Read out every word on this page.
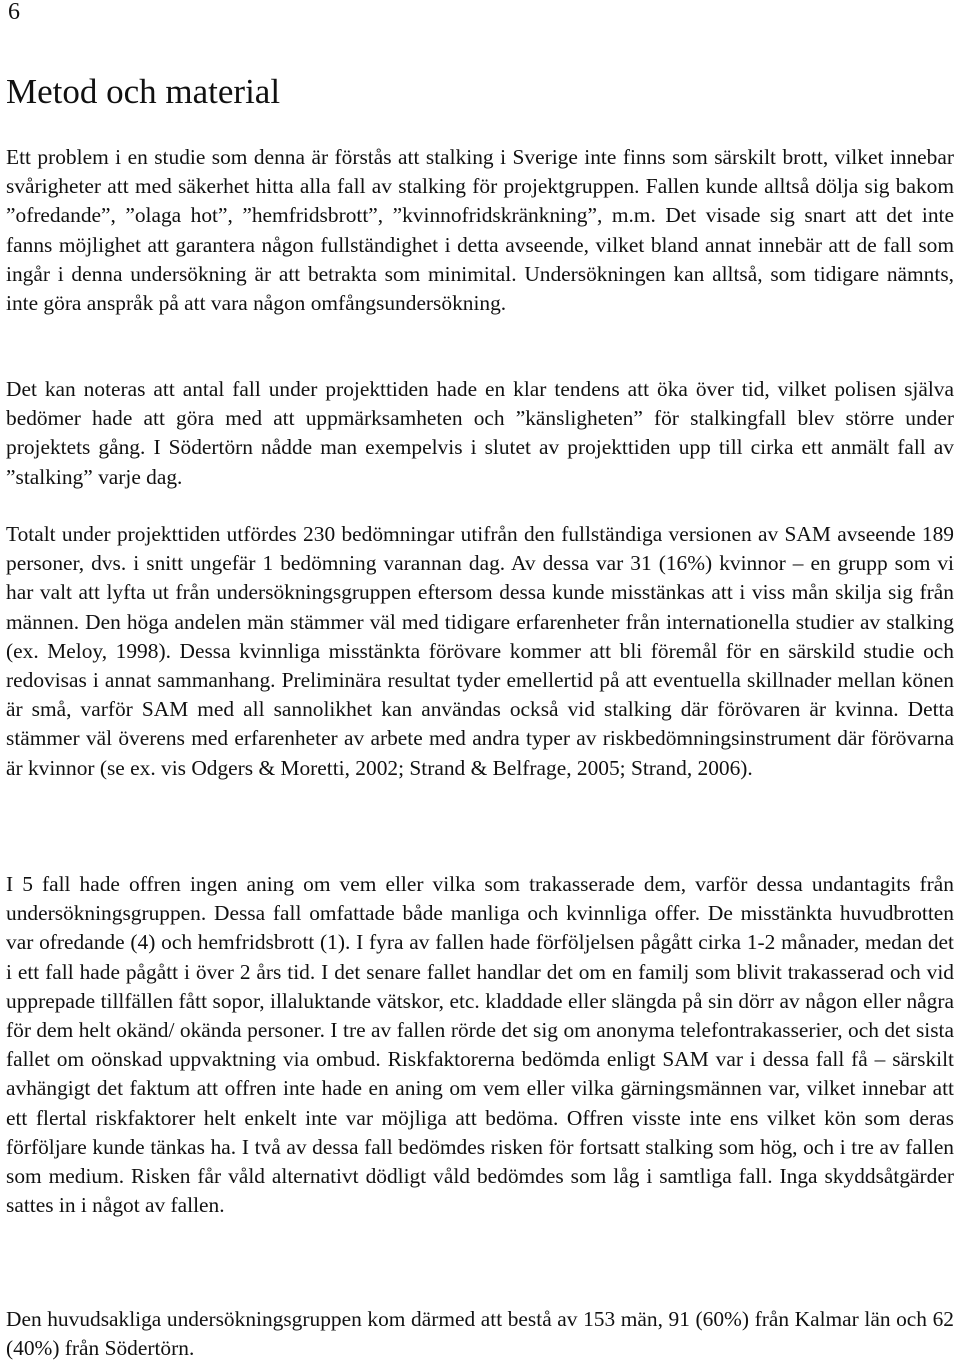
6

Metod och material

Ett problem i en studie som denna är förstås att stalking i Sverige inte finns som särskilt brott, vilket innebar svårigheter att med säkerhet hitta alla fall av stalking för projektgruppen. Fallen kunde alltså dölja sig bakom ”ofredande”, ”olaga hot”, ”hemfridsbrott”, ”kvinnofridskränkning”, m.m. Det visade sig snart att det inte fanns möjlighet att garantera någon fullständighet i detta avseende, vilket bland annat innebär att de fall som ingår i denna undersökning är att betrakta som minimital. Undersökningen kan alltså, som tidigare nämnts, inte göra anspråk på att vara någon omfångsundersökning.

Det kan noteras att antal fall under projekttiden hade en klar tendens att öka över tid, vilket polisen själva bedömer hade att göra med att uppmärksamheten och ”känsligheten” för stalkingfall blev större under projektets gång. I Södertörn nådde man exempelvis i slutet av projekttiden upp till cirka ett anmält fall av ”stalking” varje dag.

Totalt under projekttiden utfördes 230 bedömningar utifrån den fullständiga versionen av SAM avseende 189 personer, dvs. i snitt ungefär 1 bedömning varannan dag. Av dessa var 31 (16%) kvinnor – en grupp som vi har valt att lyfta ut från undersökningsgruppen eftersom dessa kunde misstänkas att i viss mån skilja sig från männen. Den höga andelen män stämmer väl med tidigare erfarenheter från internationella studier av stalking (ex. Meloy, 1998). Dessa kvinnliga misstänkta förövare kommer att bli föremål för en särskild studie och redovisas i annat sammanhang. Preliminära resultat tyder emellertid på att eventuella skillnader mellan könen är små, varför SAM med all sannolikhet kan användas också vid stalking där förövaren är kvinna. Detta stämmer väl överens med erfarenheter av arbete med andra typer av riskbedömningsinstrument där förövarna är kvinnor (se ex. vis Odgers & Moretti, 2002; Strand & Belfrage, 2005; Strand, 2006).

I 5 fall hade offren ingen aning om vem eller vilka som trakasserade dem, varför dessa undantagits från undersökningsgruppen. Dessa fall omfattade både manliga och kvinnliga offer. De misstänkta huvudbrotten var ofredande (4) och hemfridsbrott (1). I fyra av fallen hade förföljelsen pågått cirka 1-2 månader, medan det i ett fall hade pågått i över 2 års tid. I det senare fallet handlar det om en familj som blivit trakasserad och vid upprepade tillfällen fått sopor, illaluktande vätskor, etc. kladdade eller slängda på sin dörr av någon eller några för dem helt okänd/ okända personer. I tre av fallen rörde det sig om anonyma telefontrakasserier, och det sista fallet om oönskad uppvaktning via ombud. Riskfaktorerna bedömda enligt SAM var i dessa fall få – särskilt avhängigt det faktum att offren inte hade en aning om vem eller vilka gärningsmännen var, vilket innebar att ett flertal riskfaktorer helt enkelt inte var möjliga att bedöma. Offren visste inte ens vilket kön som deras förföljare kunde tänkas ha. I två av dessa fall bedömdes risken för fortsatt stalking som hög, och i tre av fallen som medium. Risken får våld alternativt dödligt våld bedömdes som låg i samtliga fall. Inga skyddsåtgärder sattes in i något av fallen.

Den huvudsakliga undersökningsgruppen kom därmed att bestå av 153 män, 91 (60%) från Kalmar län och 62 (40%) från Södertörn.
